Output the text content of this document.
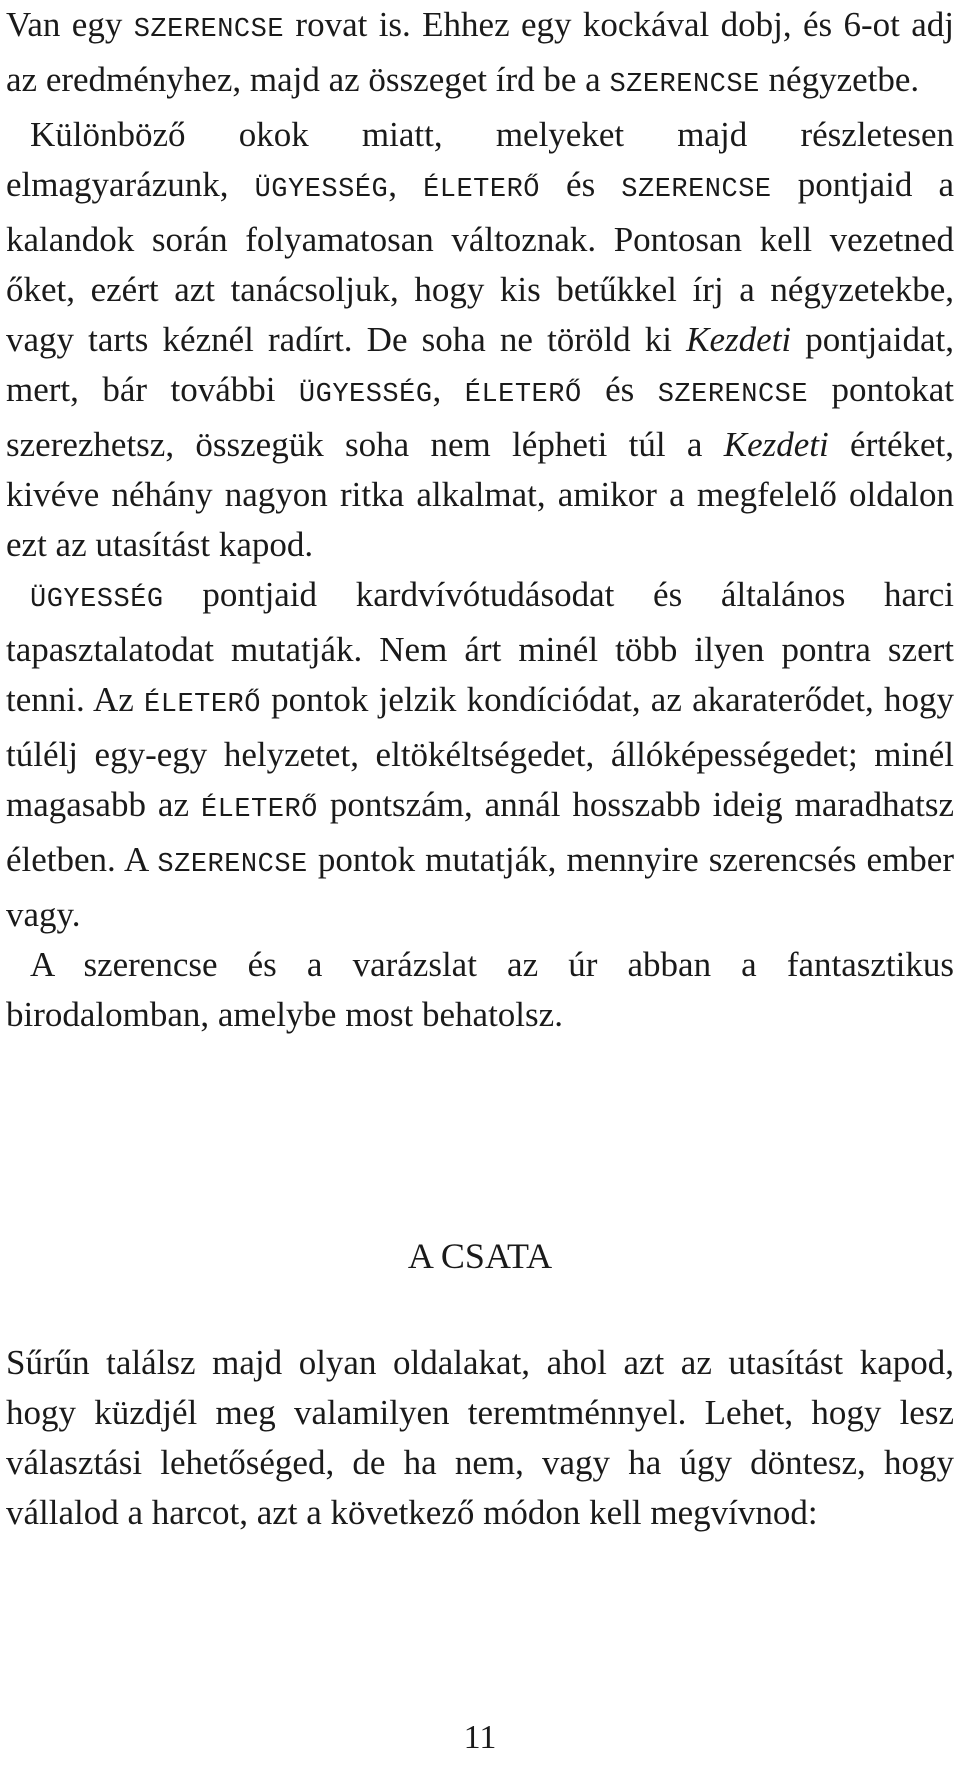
Van egy SZERENCSE rovat is. Ehhez egy kockával dobj, és 6-ot adj az eredményhez, majd az összeget írd be a SZERENCSE négyzetbe.

Különböző okok miatt, melyeket majd részletesen elmagyarázunk, ÜGYESSÉG, ÉLETERŐ és SZERENCSE pontjaid a kalandok során folyamatosan változnak. Pontosan kell vezetned őket, ezért azt tanácsoljuk, hogy kis betűkkel írj a négyzetekbe, vagy tarts kéznél radírt. De soha ne töröld ki Kezdeti pontjaidat, mert, bár további ÜGYESSÉG, ÉLETERŐ és SZERENCSE pontokat szerezhetsz, összegük soha nem lépheti túl a Kezdeti értéket, kivéve néhány nagyon ritka alkalmat, amikor a megfelelő oldalon ezt az utasítást kapod.

ÜGYESSÉG pontjaid kardvívótudásodat és általános harci tapasztalatodat mutatják. Nem árt minél több ilyen pontra szert tenni. Az ÉLETERŐ pontok jelzik kondíciódat, az akaraterődet, hogy túlélj egy-egy helyzetet, eltökéltségedet, állóképességedet; minél magasabb az ÉLETERŐ pontszám, annál hosszabb ideig maradhatsz életben. A SZERENCSE pontok mutatják, mennyire szerencsés ember vagy.

A szerencse és a varázslat az úr abban a fantasztikus birodalomban, amelybe most behatolsz.

A CSATA

Sűrűn találsz majd olyan oldalakat, ahol azt az utasítást kapod, hogy küzdjél meg valamilyen teremtménnyel. Lehet, hogy lesz választási lehetőséged, de ha nem, vagy ha úgy döntesz, hogy vállalod a harcot, azt a következő módon kell megvívnod:

11
